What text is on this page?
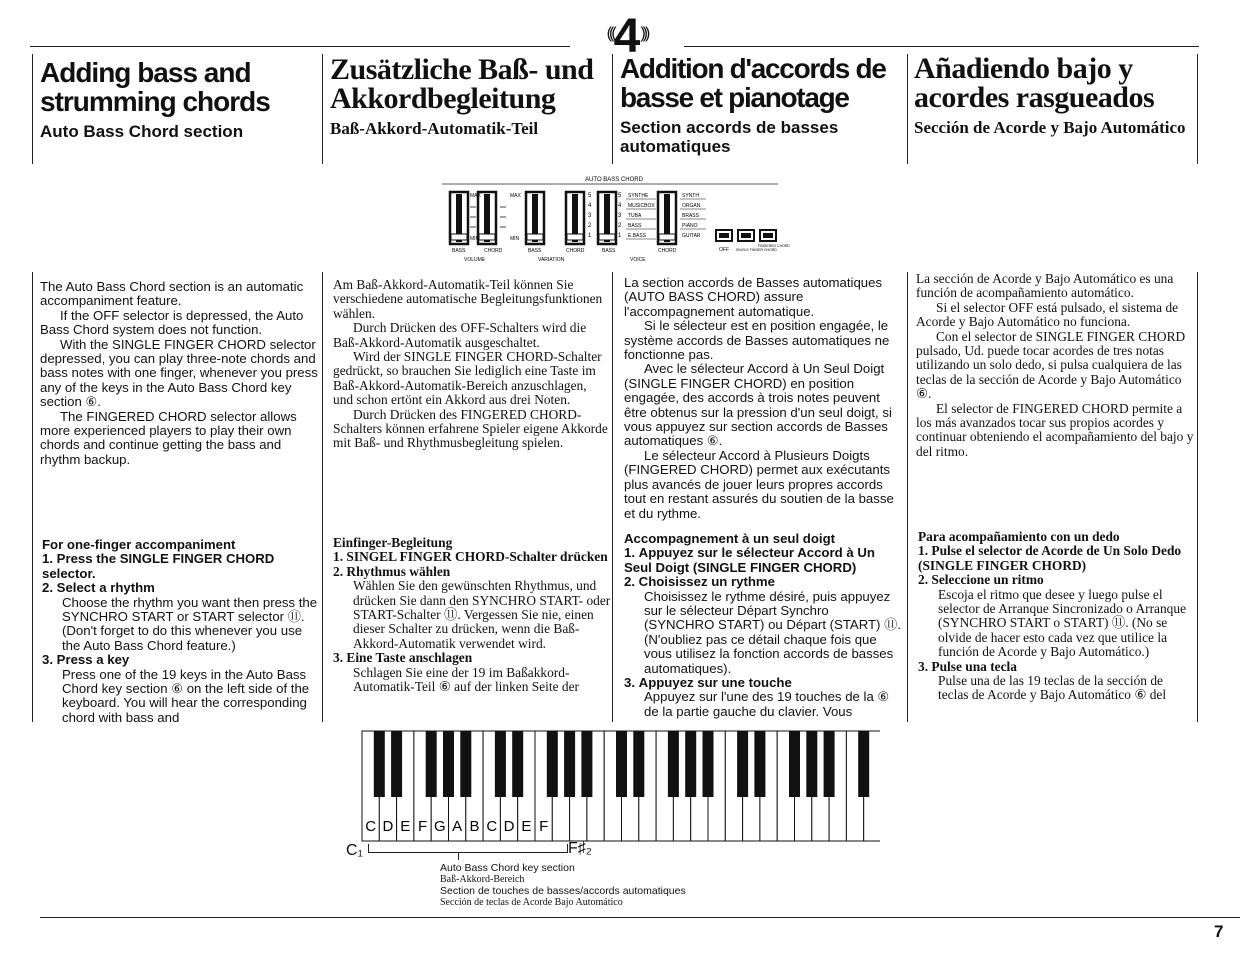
(((4)))
Adding bass and strumming chords

Auto Bass Chord section

Zusätzliche Baß- und Akkordbegleitung

Baß-Akkord-Automatik-Teil

Addition d'accords de basse et pianotage

Section accords de basses automatiques

Añadiendo bajo y acordes rasgueados

Sección de Acorde y Bajo Automático

AUTO BASS CHORD
MAX
MIN
MAX
MIN
5
4
3
2
1
5
4
3
2
1
SYNTHE
MUSICBOX
TUBA
BASS
E.BASS
SYNTH
ORGAN
BRASS
PIANO
GUITAR
BASS	CHORD	BASS	CHORD	BASS	CHORD
VOLUME	VARIATION	VOICE
OFF SINGLE FINGER CHORD
FINGERED CHORD

The Auto Bass Chord section is an automatic accompaniment feature.

If the OFF selector is depressed, the Auto Bass Chord system does not function.

With the SINGLE FINGER CHORD selector depressed, you can play three-note chords and bass notes with one finger, whenever you press any of the keys in the Auto Bass Chord key section ⑥.

The FINGERED CHORD selector allows more experienced players to play their own chords and continue getting the bass and rhythm backup.

Am Baß-Akkord-Automatik-Teil können Sie verschiedene automatische Begleitungsfunktionen wählen.

Durch Drücken des OFF-Schalters wird die Baß-Akkord-Automatik ausgeschaltet.

Wird der SINGLE FINGER CHORD-Schalter gedrückt, so brauchen Sie lediglich eine Taste im Baß-Akkord-Automatik-Bereich anzuschlagen, und schon ertönt ein Akkord aus drei Noten.

Durch Drücken des FINGERED CHORD-Schalters können erfahrene Spieler eigene Akkorde mit Baß- und Rhythmusbegleitung spielen.

La section accords de Basses automatiques (AUTO BASS CHORD) assure l'accompagnement automatique.

Si le sélecteur est en position engagée, le système accords de Basses automatiques ne fonctionne pas.

Avec le sélecteur Accord à Un Seul Doigt (SINGLE FINGER CHORD) en position engagée, des accords à trois notes peuvent être obtenus sur la pression d'un seul doigt, si vous appuyez sur section accords de Basses automatiques ⑥.

Le sélecteur Accord à Plusieurs Doigts (FINGERED CHORD) permet aux exécutants plus avancés de jouer leurs propres accords tout en restant assurés du soutien de la basse et du rythme.

La sección de Acorde y Bajo Automático es una función de acompañamiento automático.

Si el selector OFF está pulsado, el sistema de Acorde y Bajo Automático no funciona.

Con el selector de SINGLE FINGER CHORD pulsado, Ud. puede tocar acordes de tres notas utilizando un solo dedo, si pulsa cualquiera de las teclas de la sección de Acorde y Bajo Automático ⑥.

El selector de FINGERED CHORD permite a los más avanzados tocar sus propios acordes y continuar obteniendo el acompañamiento del bajo y del ritmo.

For one-finger accompaniment

1. Press the SINGLE FINGER CHORD selector.
2. Select a rhythm
Choose the rhythm you want then press the SYNCHRO START or START selector ⑪. (Don't forget to do this whenever you use the Auto Bass Chord feature.)
3. Press a key
Press one of the 19 keys in the Auto Bass Chord key section ⑥ on the left side of the keyboard. You will hear the corresponding chord with bass and

Einfinger-Begleitung

1. SINGEL FINGER CHORD-Schalter drücken
2. Rhythmus wählen
Wählen Sie den gewünschten Rhythmus, und drücken Sie dann den SYNCHRO START- oder START-Schalter ⑪. Vergessen Sie nie, einen dieser Schalter zu drücken, wenn die Baß-Akkord-Automatik verwendet wird.
3. Eine Taste anschlagen
Schlagen Sie eine der 19 im Baßakkord-Automatik-Teil ⑥ auf der linken Seite der

Accompagnement à un seul doigt

1. Appuyez sur le sélecteur Accord à Un Seul Doigt (SINGLE FINGER CHORD)
2. Choisissez un rythme
Choisissez le rythme désiré, puis appuyez sur le sélecteur Départ Synchro (SYNCHRO START) ou Départ (START) ⑪. (N'oubliez pas ce détail chaque fois que vous utilisez la fonction accords de basses automatiques).
3. Appuyez sur une touche
Appuyez sur l'une des 19 touches de la ⑥ de la partie gauche du clavier. Vous

Para acompañamiento con un dedo

1. Pulse el selector de Acorde de Un Solo Dedo (SINGLE FINGER CHORD)
2. Seleccione un ritmo
Escoja el ritmo que desee y luego pulse el selector de Arranque Sincronizado o Arranque (SYNCHRO START o START) ⑪. (No se olvide de hacer esto cada vez que utilice la función de Acorde y Bajo Automático.)
3. Pulse una tecla
Pulse una de las 19 teclas de la sección de teclas de Acorde y Bajo Automático ⑥ del
C D E F G A B C D E F
C₁	F♯₂
Auto Bass Chord key section
Baß-Akkord-Bereich
Section de touches de basses/accords automatiques
Sección de teclas de Acorde Bajo Automático
7
